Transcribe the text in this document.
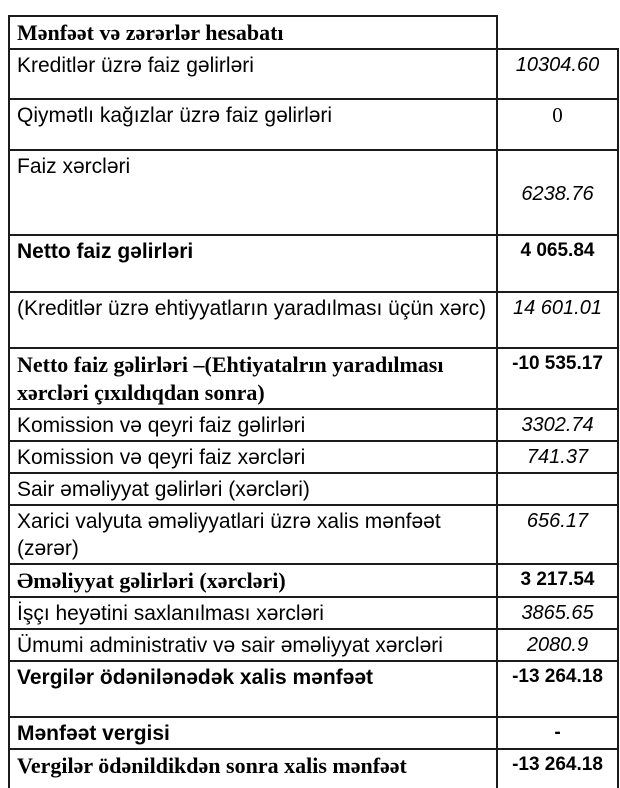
Mənfəət və zərərlər hesabatı	
Kreditlər üzrə faiz gəlirləri	10304.60
Qiymətlı kağızlar üzrə faiz gəlirləri	0
Faiz xərcləri	6238.76
Netto faiz gəlirləri	4 065.84
(Kreditlər üzrə ehtiyyatların yaradılması üçün xərc)	14 601.01
Netto faiz gəlirləri –(Ehtiyatalrın yaradılması xərcləri çıxıldıqdan sonra)	-10 535.17
Komission və qeyri faiz gəlirləri	3302.74
Komission və qeyri faiz xərcləri	741.37
Sair əməliyyat gəlirləri (xərcləri)	
Xarici valyuta əməliyyatlari üzrə xalis mənfəət (zərər)	656.17
Əməliyyat gəlirləri (xərcləri)	3 217.54
İşçı heyətini saxlanılması xərcləri	3865.65
Ümumi administrativ və sair əməliyyat xərcləri	2080.9
Vergilər ödənilənədək xalis mənfəət	-13 264.18
Mənfəət vergisi	-
Vergilər ödənildikdən sonra xalis mənfəət	-13 264.18
